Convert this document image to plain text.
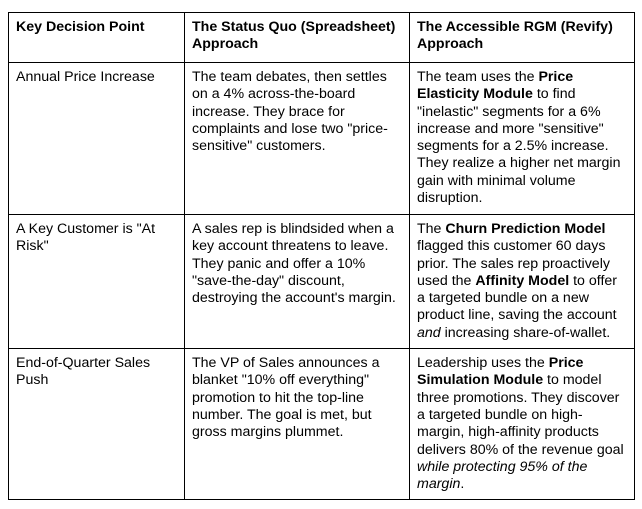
Key Decision Point	The Status Quo (Spreadsheet) Approach	The Accessible RGM (Revify) Approach
Annual Price Increase	The team debates, then settles on a 4% across-the-board increase. They brace for complaints and lose two "price-sensitive" customers.	The team uses the Price Elasticity Module to find "inelastic" segments for a 6% increase and more "sensitive" segments for a 2.5% increase. They realize a higher net margin gain with minimal volume disruption.
A Key Customer is "At Risk"	A sales rep is blindsided when a key account threatens to leave. They panic and offer a 10% "save-the-day" discount, destroying the account's margin.	The Churn Prediction Model flagged this customer 60 days prior. The sales rep proactively used the Affinity Model to offer a targeted bundle on a new product line, saving the account and increasing share-of-wallet.
End-of-Quarter Sales Push	The VP of Sales announces a blanket "10% off everything" promotion to hit the top-line number. The goal is met, but gross margins plummet.	Leadership uses the Price Simulation Module to model three promotions. They discover a targeted bundle on high-margin, high-affinity products delivers 80% of the revenue goal while protecting 95% of the margin.
